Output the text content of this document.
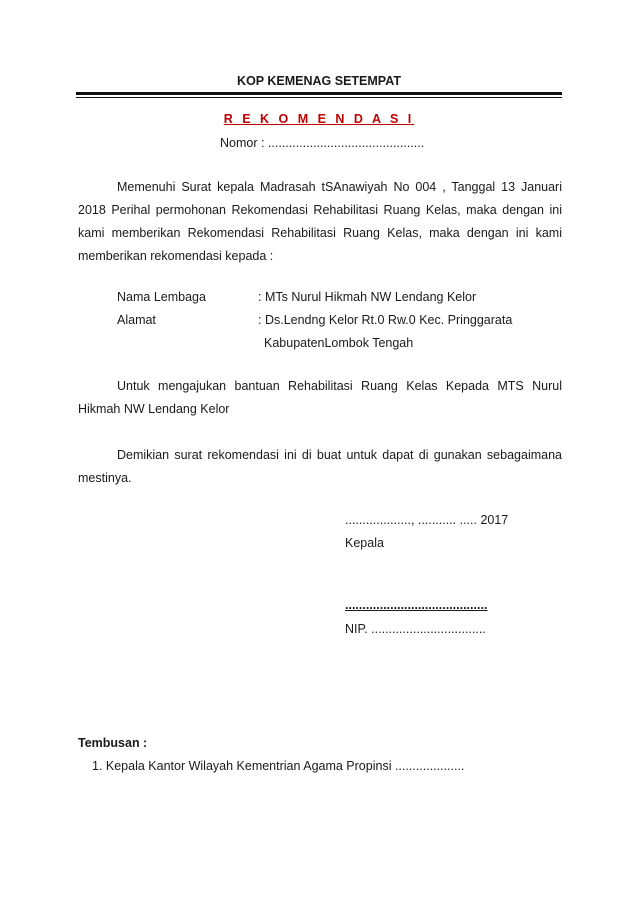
KOP KEMENAG SETEMPAT
R E K O M E N D A S I
Nomor : .............................................
Memenuhi Surat kepala Madrasah tSAnawiyah No 004 , Tanggal 13 Januari 2018 Perihal permohonan Rekomendasi Rehabilitasi Ruang Kelas, maka dengan ini kami memberikan Rekomendasi Rehabilitasi Ruang Kelas, maka dengan ini kami memberikan rekomendasi kepada :
Nama Lembaga	: MTs Nurul Hikmah NW Lendang Kelor
Alamat	: Ds.Lendng Kelor Rt.0 Rw.0 Kec. Pringgarata
KabupatenLombok Tengah
Untuk mengajukan bantuan Rehabilitasi Ruang Kelas Kepada MTS Nurul Hikmah NW Lendang Kelor
Demikian surat rekomendasi ini di buat untuk dapat di gunakan sebagaimana mestinya.
..................., ........... ..... 2017
Kepala
.........................................
NIP. .................................
Tembusan :
1. Kepala Kantor Wilayah Kementrian Agama Propinsi ....................
